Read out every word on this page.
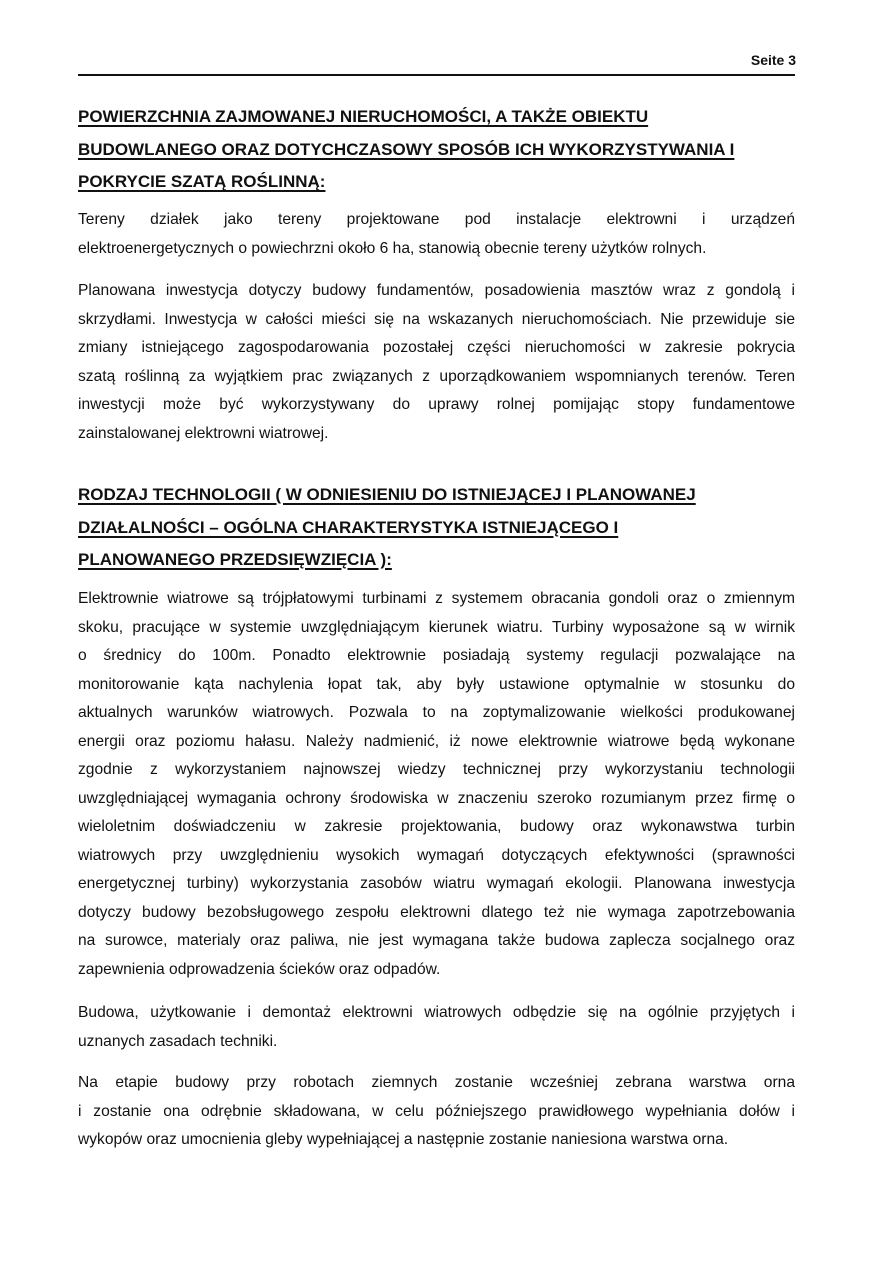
Seite 3
POWIERZCHNIA ZAJMOWANEJ NIERUCHOMOŚCI, A TAKŻE OBIEKTU
BUDOWLANEGO ORAZ DOTYCHCZASOWY SPOSÓB ICH WYKORZYSTYWANIA I
POKRYCIE SZATĄ ROŚLINNĄ:
Tereny działek jako tereny projektowane pod instalacje elektrowni i urządzeń
elektroenergetycznych o powiechrzni około 6 ha, stanowią obecnie tereny użytków rolnych.
Planowana inwestycja dotyczy budowy fundamentów, posadowienia masztów wraz z gondolą i
skrzydłami. Inwestycja w całości mieści się na wskazanych nieruchomościach. Nie przewiduje sie
zmiany istniejącego zagospodarowania pozostałej części nieruchomości w zakresie pokrycia
szatą roślinną za wyjątkiem prac związanych z uporządkowaniem wspomnianych terenów. Teren
inwestycji może być wykorzystywany do uprawy rolnej pomijając stopy fundamentowe
zainstalowanej elektrowni wiatrowej.
RODZAJ TECHNOLOGII ( W ODNIESIENIU DO ISTNIEJĄCEJ I PLANOWANEJ
DZIAŁALNOŚCI – OGÓLNA CHARAKTERYSTYKA ISTNIEJĄCEGO I
PLANOWANEGO PRZEDSIĘWZIĘCIA ):
Elektrownie wiatrowe są trójpłatowymi turbinami z systemem obracania gondoli oraz o zmiennym
skoku, pracujące w systemie uwzględniającym kierunek wiatru. Turbiny wyposażone są w wirnik
o średnicy do 100m. Ponadto elektrownie posiadają systemy regulacji pozwalające na
monitorowanie kąta nachylenia łopat tak, aby były ustawione optymalnie w stosunku do
aktualnych warunków wiatrowych. Pozwala to na zoptymalizowanie wielkości produkowanej
energii oraz poziomu hałasu. Należy nadmienić, iż nowe elektrownie wiatrowe będą wykonane
zgodnie z wykorzystaniem najnowszej wiedzy technicznej przy wykorzystaniu technologii
uwzględniającej wymagania ochrony środowiska w znaczeniu szeroko rozumianym przez firmę o
wieloletnim doświadczeniu w zakresie projektowania, budowy oraz wykonawstwa turbin
wiatrowych przy uwzględnieniu wysokich wymagań dotyczących efektywności (sprawności
energetycznej turbiny) wykorzystania zasobów wiatru wymagań ekologii. Planowana inwestycja
dotyczy budowy bezobsługowego zespołu elektrowni dlatego też nie wymaga zapotrzebowania
na surowce, materialy oraz paliwa, nie jest wymagana także budowa zaplecza socjalnego oraz
zapewnienia odprowadzenia ścieków oraz odpadów.
Budowa, użytkowanie i demontaż elektrowni wiatrowych odbędzie się na ogólnie przyjętych i
uznanych zasadach techniki.
Na etapie budowy przy robotach ziemnych zostanie wcześniej zebrana warstwa orna
i zostanie ona odrębnie składowana, w celu późniejszego prawidłowego wypełniania dołów i
wykopów oraz umocnienia gleby wypełniającej a następnie zostanie naniesiona warstwa orna.
